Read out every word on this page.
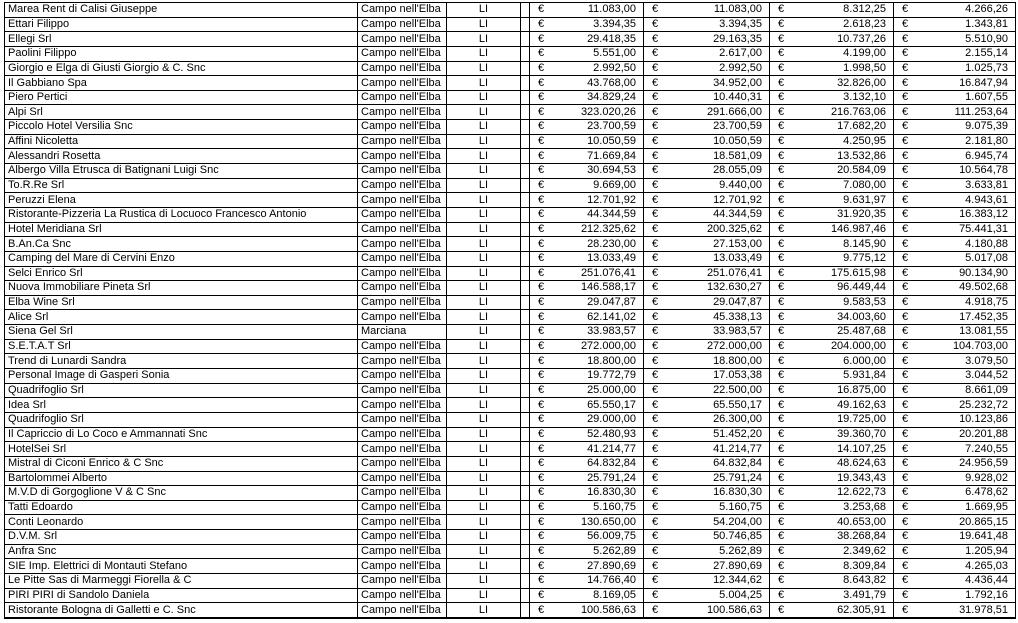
Marea Rent di Calisi Giuseppe	Campo nell'Elba	LI		€ 11.083,00	€ 11.083,00	€ 8.312,25	€ 4.266,26

Ettari Filippo	Campo nell'Elba	LI		€ 3.394,35	€ 3.394,35	€ 2.618,23	€ 1.343,81

Ellegi Srl	Campo nell'Elba	LI		€ 29.418,35	€ 29.163,35	€ 10.737,26	€ 5.510,90

Paolini Filippo	Campo nell'Elba	LI		€ 5.551,00	€ 2.617,00	€ 4.199,00	€ 2.155,14

Giorgio e Elga di Giusti Giorgio & C. Snc	Campo nell'Elba	LI		€ 2.992,50	€ 2.992,50	€ 1.998,50	€ 1.025,73

Il Gabbiano Spa	Campo nell'Elba	LI		€ 43.768,00	€ 34.952,00	€ 32.826,00	€ 16.847,94

Piero Pertici	Campo nell'Elba	LI		€ 34.829,24	€ 10.440,31	€ 3.132,10	€ 1.607,55

Alpi Srl	Campo nell'Elba	LI		€ 323.020,26	€ 291.666,00	€ 216.763,06	€ 111.253,64

Piccolo Hotel Versilia Snc	Campo nell'Elba	LI		€ 23.700,59	€ 23.700,59	€ 17.682,20	€ 9.075,39

Affini Nicoletta	Campo nell'Elba	LI		€ 10.050,59	€ 10.050,59	€ 4.250,95	€ 2.181,80

Alessandri Rosetta	Campo nell'Elba	LI		€ 71.669,84	€ 18.581,09	€ 13.532,86	€ 6.945,74

Albergo Villa Etrusca di Batignani Luigi Snc	Campo nell'Elba	LI		€ 30.694,53	€ 28.055,09	€ 20.584,09	€ 10.564,78

To.R.Re Srl	Campo nell'Elba	LI		€ 9.669,00	€ 9.440,00	€ 7.080,00	€ 3.633,81

Peruzzi Elena	Campo nell'Elba	LI		€ 12.701,92	€ 12.701,92	€ 9.631,97	€ 4.943,61

Ristorante-Pizzeria La Rustica di Locuoco Francesco Antonio	Campo nell'Elba	LI		€ 44.344,59	€ 44.344,59	€ 31.920,35	€ 16.383,12

Hotel Meridiana Srl	Campo nell'Elba	LI		€ 212.325,62	€ 200.325,62	€ 146.987,46	€ 75.441,31

B.An.Ca Snc	Campo nell'Elba	LI		€ 28.230,00	€ 27.153,00	€ 8.145,90	€ 4.180,88

Camping del Mare di Cervini Enzo	Campo nell'Elba	LI		€ 13.033,49	€ 13.033,49	€ 9.775,12	€ 5.017,08

Selci Enrico Srl	Campo nell'Elba	LI		€ 251.076,41	€ 251.076,41	€ 175.615,98	€ 90.134,90

Nuova Immobiliare Pineta Srl	Campo nell'Elba	LI		€ 146.588,17	€ 132.630,27	€ 96.449,44	€ 49.502,68

Elba Wine Srl	Campo nell'Elba	LI		€ 29.047,87	€ 29.047,87	€ 9.583,53	€ 4.918,75

Alice Srl	Campo nell'Elba	LI		€ 62.141,02	€ 45.338,13	€ 34.003,60	€ 17.452,35

Siena Gel Srl	Marciana	LI		€ 33.983,57	€ 33.983,57	€ 25.487,68	€ 13.081,55

S.E.T.A.T Srl	Campo nell'Elba	LI		€ 272.000,00	€ 272.000,00	€ 204.000,00	€ 104.703,00

Trend di Lunardi Sandra	Campo nell'Elba	LI		€ 18.800,00	€ 18.800,00	€ 6.000,00	€ 3.079,50

Personal Image di Gasperi Sonia	Campo nell'Elba	LI		€ 19.772,79	€ 17.053,38	€ 5.931,84	€ 3.044,52

Quadrifoglio Srl	Campo nell'Elba	LI		€ 25.000,00	€ 22.500,00	€ 16.875,00	€ 8.661,09

Idea Srl	Campo nell'Elba	LI		€ 65.550,17	€ 65.550,17	€ 49.162,63	€ 25.232,72

Quadrifoglio Srl	Campo nell'Elba	LI		€ 29.000,00	€ 26.300,00	€ 19.725,00	€ 10.123,86

Il Capriccio di Lo Coco e Ammannati Snc	Campo nell'Elba	LI		€ 52.480,93	€ 51.452,20	€ 39.360,70	€ 20.201,88

HotelSei Srl	Campo nell'Elba	LI		€ 41.214,77	€ 41.214,77	€ 14.107,25	€ 7.240,55

Mistral di Ciconi Enrico & C Snc	Campo nell'Elba	LI		€ 64.832,84	€ 64.832,84	€ 48.624,63	€ 24.956,59

Bartolommei Alberto	Campo nell'Elba	LI		€ 25.791,24	€ 25.791,24	€ 19.343,43	€ 9.928,02

M.V.D di Gorgoglione V & C Snc	Campo nell'Elba	LI		€ 16.830,30	€ 16.830,30	€ 12.622,73	€ 6.478,62

Tatti Edoardo	Campo nell'Elba	LI		€ 5.160,75	€ 5.160,75	€ 3.253,68	€ 1.669,95

Conti Leonardo	Campo nell'Elba	LI		€ 130.650,00	€ 54.204,00	€ 40.653,00	€ 20.865,15

D.V.M. Srl	Campo nell'Elba	LI		€ 56.009,75	€ 50.746,85	€ 38.268,84	€ 19.641,48

Anfra Snc	Campo nell'Elba	LI		€ 5.262,89	€ 5.262,89	€ 2.349,62	€ 1.205,94

SIE Imp. Elettrici di Montauti Stefano	Campo nell'Elba	LI		€ 27.890,69	€ 27.890,69	€ 8.309,84	€ 4.265,03

Le Pitte Sas di Marmeggi Fiorella & C	Campo nell'Elba	LI		€ 14.766,40	€ 12.344,62	€ 8.643,82	€ 4.436,44

PIRI PIRI di Sandolo Daniela	Campo nell'Elba	LI		€ 8.169,05	€ 5.004,25	€ 3.491,79	€ 1.792,16

Ristorante Bologna di Galletti e C. Snc	Campo nell'Elba	LI		€ 100.586,63	€ 100.586,63	€ 62.305,91	€ 31.978,51
